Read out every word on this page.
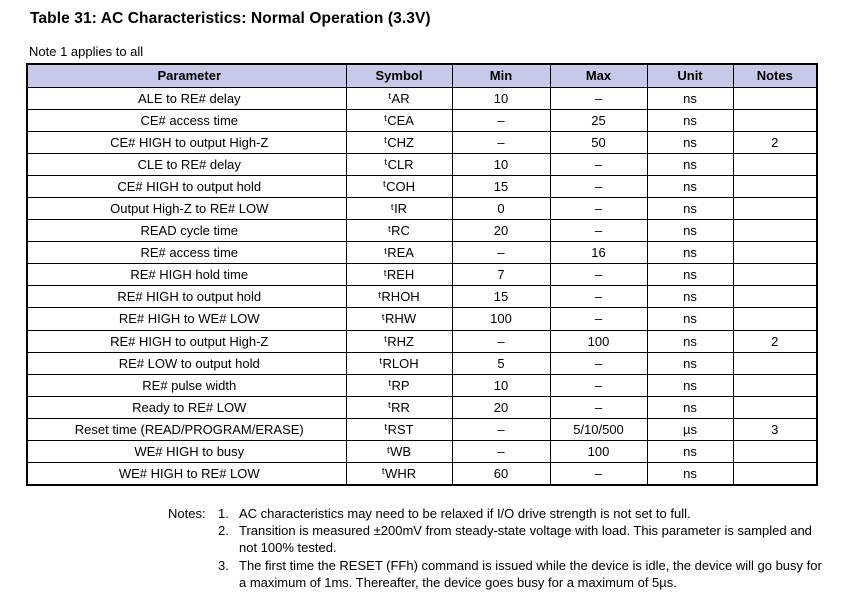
Table 31: AC Characteristics: Normal Operation (3.3V)
Note 1 applies to all
Parameter	Symbol	Min	Max	Unit	Notes
ALE to RE# delay	$^t$AR	10	–	ns	
CE# access time	$^t$CEA	–	25	ns	
CE# HIGH to output High-Z	$^t$CHZ	–	50	ns	2
CLE to RE# delay	$^t$CLR	10	–	ns	
CE# HIGH to output hold	$^t$COH	15	–	ns	
Output High-Z to RE# LOW	$^t$IR	0	–	ns	
READ cycle time	$^t$RC	20	–	ns	
RE# access time	$^t$REA	–	16	ns	
RE# HIGH hold time	$^t$REH	7	–	ns	
RE# HIGH to output hold	$^t$RHOH	15	–	ns	
RE# HIGH to WE# LOW	$^t$RHW	100	–	ns	
RE# HIGH to output High-Z	$^t$RHZ	–	100	ns	2
RE# LOW to output hold	$^t$RLOH	5	–	ns	
RE# pulse width	$^t$RP	10	–	ns	
Ready to RE# LOW	$^t$RR	20	–	ns	
Reset time (READ/PROGRAM/ERASE)	$^t$RST	–	5/10/500	µs	3
WE# HIGH to busy	$^t$WB	–	100	ns	
WE# HIGH to RE# LOW	$^t$WHR	60	–	ns	
Notes: 1. AC characteristics may need to be relaxed if I/O drive strength is not set to full.
2. Transition is measured ±200mV from steady-state voltage with load. This parameter is sampled and not 100% tested.
3. The first time the RESET (FFh) command is issued while the device is idle, the device will go busy for a maximum of 1ms. Thereafter, the device goes busy for a maximum of 5µs.
